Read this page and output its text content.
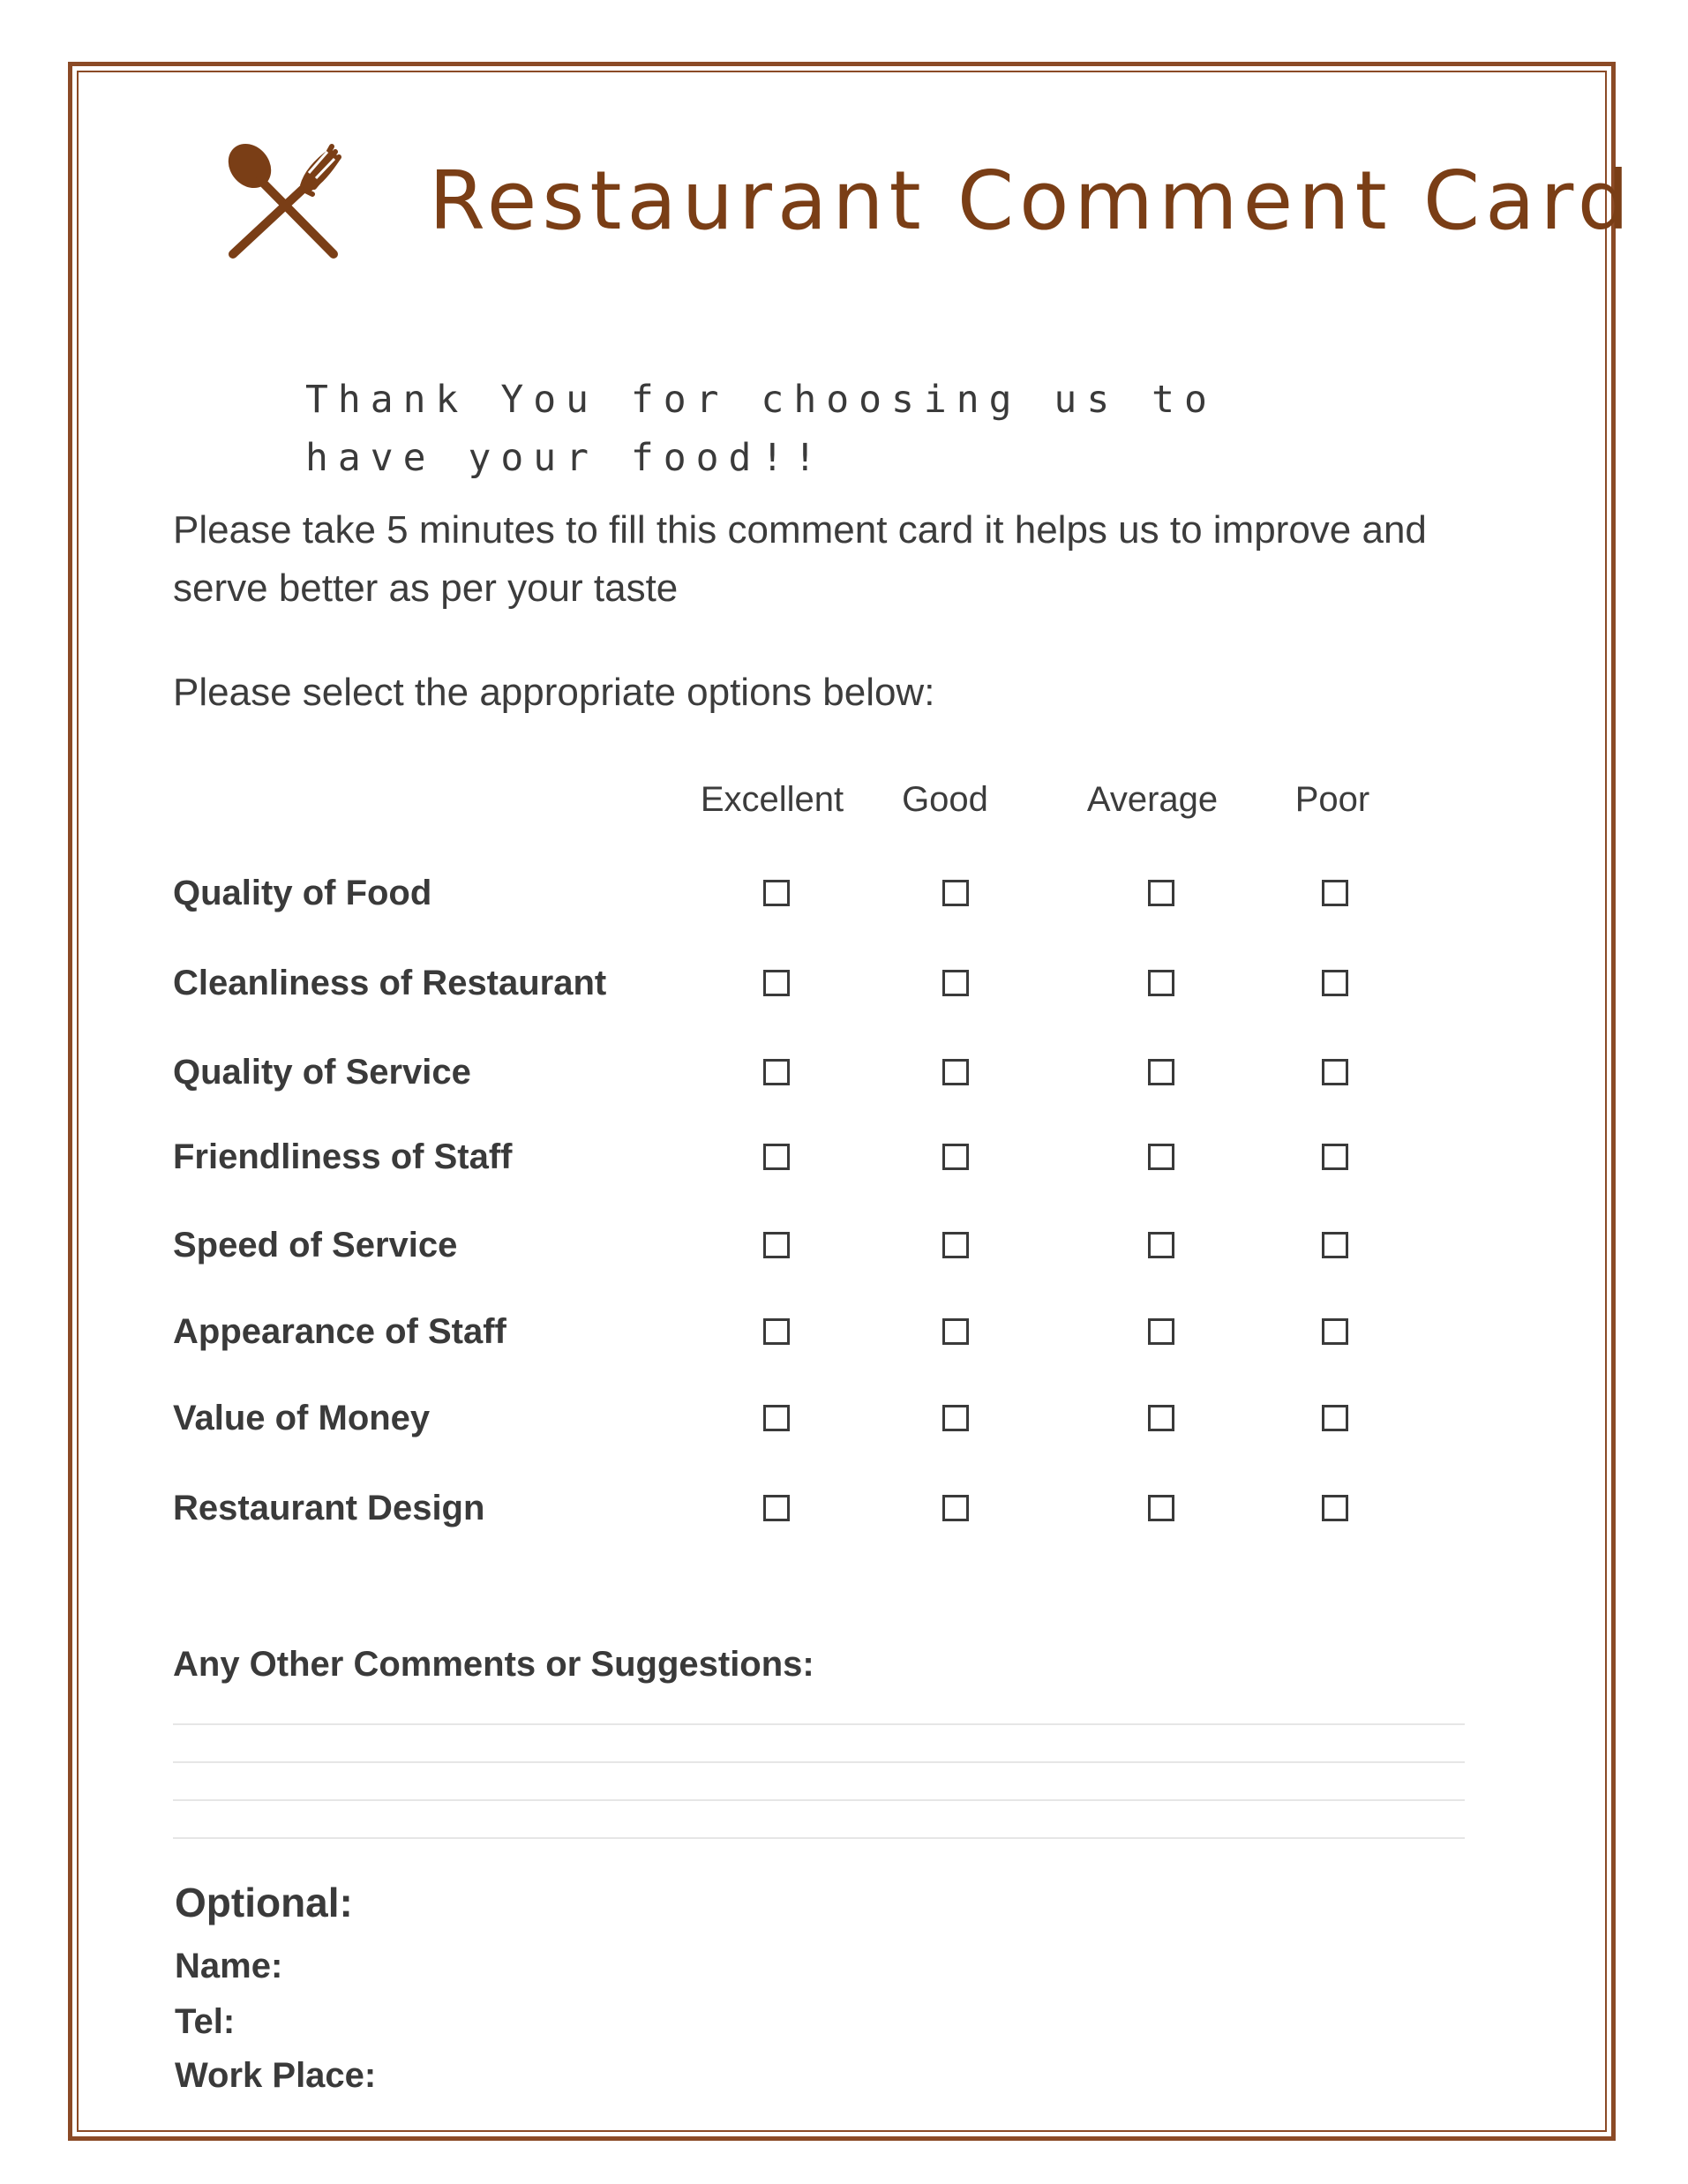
Restaurant Comment Card
Thank You for choosing us to have your food!!
Please take 5 minutes to fill this comment card it helps us to improve and serve better as per your taste
Please select the appropriate options below:
Excellent Good	Average Poor
Quality of Food
Cleanliness of Restaurant
Quality of Service
Friendliness of Staff
Speed of Service
Appearance of Staff
Value of Money
Restaurant Design
Any Other Comments or Suggestions:
Optional:
Name:
Tel:
Work Place:
